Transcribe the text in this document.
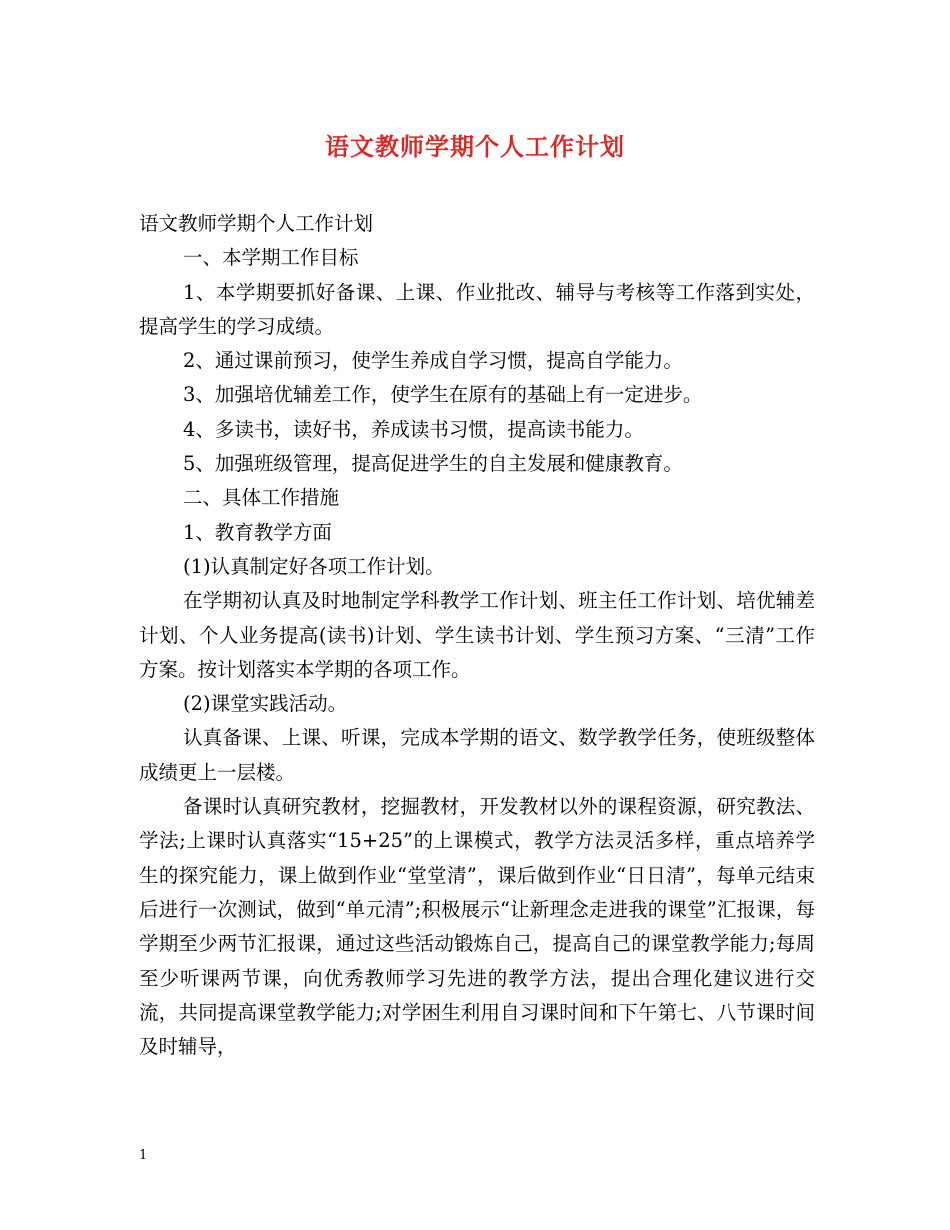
语文教师学期个人工作计划

语文教师学期个人工作计划

一、本学期工作目标

1、本学期要抓好备课、上课、作业批改、辅导与考核等工作落到实处，提高学生的学习成绩。

2、通过课前预习，使学生养成自学习惯，提高自学能力。

3、加强培优辅差工作，使学生在原有的基础上有一定进步。

4、多读书，读好书，养成读书习惯，提高读书能力。

5、加强班级管理，提高促进学生的自主发展和健康教育。

二、具体工作措施

1、教育教学方面

(1)认真制定好各项工作计划。

在学期初认真及时地制定学科教学工作计划、班主任工作计划、培优辅差计划、个人业务提高(读书)计划、学生读书计划、学生预习方案、“三清”工作方案。按计划落实本学期的各项工作。

(2)课堂实践活动。

认真备课、上课、听课，完成本学期的语文、数学教学任务，使班级整体成绩更上一层楼。

备课时认真研究教材，挖掘教材，开发教材以外的课程资源，研究教法、学法;上课时认真落实“15+25”的上课模式，教学方法灵活多样，重点培养学生的探究能力，课上做到作业“堂堂清”，课后做到作业“日日清”，每单元结束后进行一次测试，做到“单元清”;积极展示“让新理念走进我的课堂”汇报课，每学期至少两节汇报课，通过这些活动锻炼自己，提高自己的课堂教学能力;每周至少听课两节课，向优秀教师学习先进的教学方法，提出合理化建议进行交流，共同提高课堂教学能力;对学困生利用自习课时间和下午第七、八节课时间及时辅导，

1
